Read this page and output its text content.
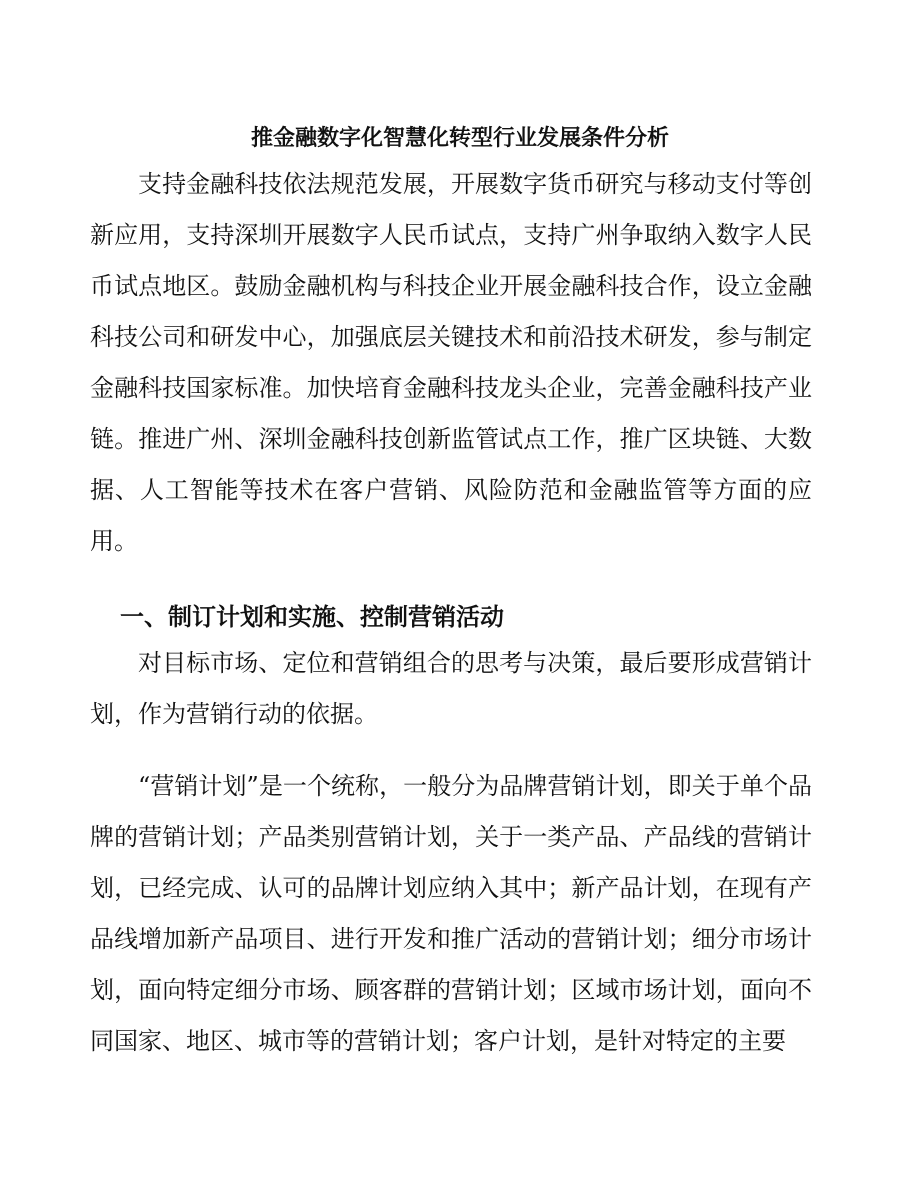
推金融数字化智慧化转型行业发展条件分析

支持金融科技依法规范发展，开展数字货币研究与移动支付等创新应用，支持深圳开展数字人民币试点，支持广州争取纳入数字人民币试点地区。鼓励金融机构与科技企业开展金融科技合作，设立金融科技公司和研发中心，加强底层关键技术和前沿技术研发，参与制定金融科技国家标准。加快培育金融科技龙头企业，完善金融科技产业链。推进广州、深圳金融科技创新监管试点工作，推广区块链、大数据、人工智能等技术在客户营销、风险防范和金融监管等方面的应用。

一、制订计划和实施、控制营销活动

对目标市场、定位和营销组合的思考与决策，最后要形成营销计划，作为营销行动的依据。

“营销计划”是一个统称，一般分为品牌营销计划，即关于单个品牌的营销计划；产品类别营销计划，关于一类产品、产品线的营销计划，已经完成、认可的品牌计划应纳入其中；新产品计划，在现有产品线增加新产品项目、进行开发和推广活动的营销计划；细分市场计划，面向特定细分市场、顾客群的营销计划；区域市场计划，面向不同国家、地区、城市等的营销计划；客户计划，是针对特定的主要
